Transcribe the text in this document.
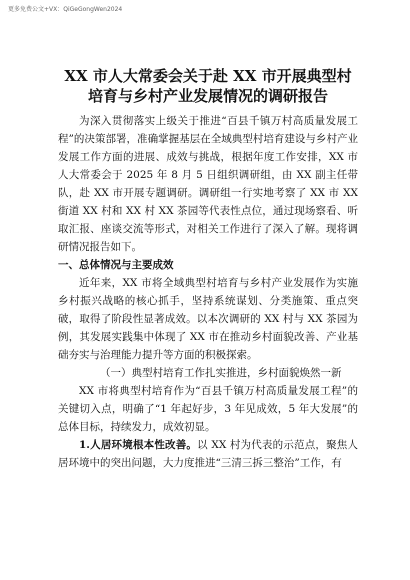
更多免费公文+VX：QiGeGongWen2024
XX 市人大常委会关于赴 XX 市开展典型村
培育与乡村产业发展情况的调研报告

为深入贯彻落实上级关于推进“百县千镇万村高质量发展工程”的决策部署，准确掌握基层在全域典型村培育建设与乡村产业发展工作方面的进展、成效与挑战，根据年度工作安排，XX 市人大常委会于 2025 年 8 月 5 日组织调研组，由 XX 副主任带队，赴 XX 市开展专题调研。调研组一行实地考察了 XX 市 XX 街道 XX 村和 XX 村 XX 茶园等代表性点位，通过现场察看、听取汇报、座谈交流等形式，对相关工作进行了深入了解。现将调研情况报告如下。

一、总体情况与主要成效

近年来，XX 市将全域典型村培育与乡村产业发展作为实施乡村振兴战略的核心抓手，坚持系统谋划、分类施策、重点突破，取得了阶段性显著成效。以本次调研的 XX 村与 XX 茶园为例，其发展实践集中体现了 XX 市在推动乡村面貌改善、产业基础夯实与治理能力提升等方面的积极探索。

（一）典型村培育工作扎实推进，乡村面貌焕然一新

XX 市将典型村培育作为“百县千镇万村高质量发展工程”的关键切入点，明确了“1 年起好步，3 年见成效，5 年大发展”的总体目标，持续发力，成效初显。

1.人居环境根本性改善。以 XX 村为代表的示范点，聚焦人居环境中的突出问题，大力度推进“三清三拆三整治”工作，有
